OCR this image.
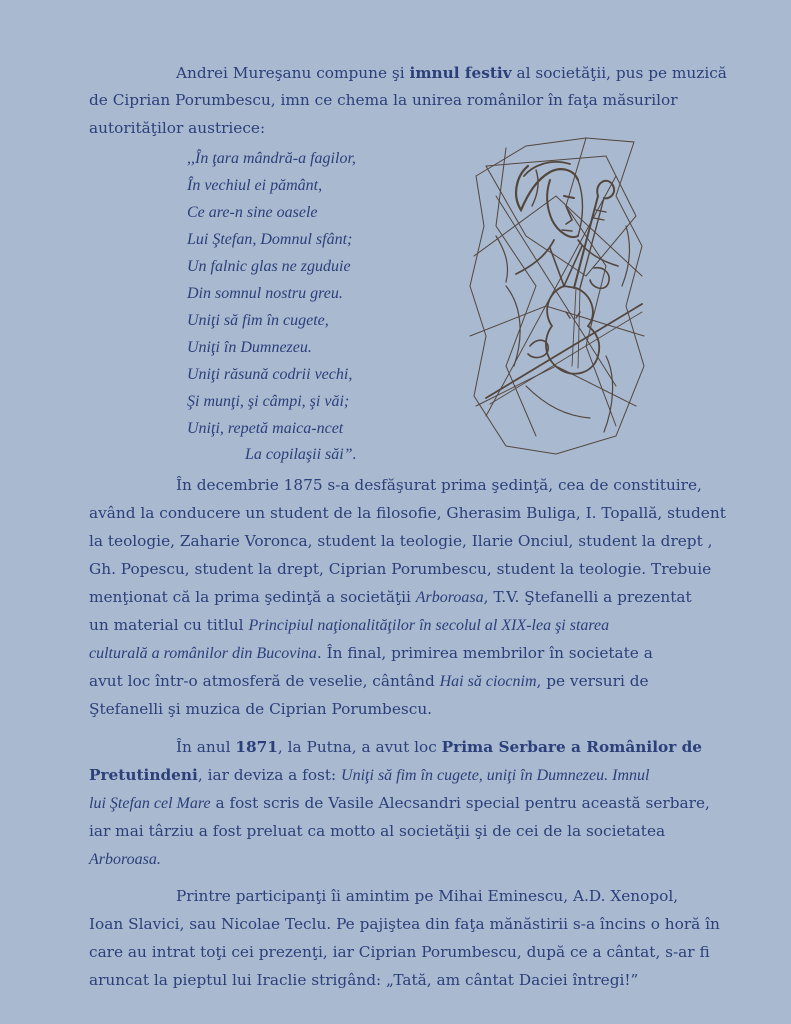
Andrei Mureşanu compune şi imnul festiv al societăţii, pus pe muzică
de Ciprian Porumbescu, imn ce chema la unirea românilor în faţa măsurilor
autorităţilor austriece:
,,În ţara mândră-a fagilor,
În vechiul ei pământ,
Ce are-n sine oasele
Lui Ştefan, Domnul sfânt;
Un falnic glas ne zguduie
Din somnul nostru greu.
Uniţi să fim în cugete,
Uniţi în Dumnezeu.
Uniţi răsună codrii vechi,
Şi munţi, şi câmpi, şi văi;
Uniţi, repetă maica-ncet
La copilaşii săi”.
În decembrie 1875 s-a desfăşurat prima şedinţă, cea de constituire,
având la conducere un student de la filosofie, Gherasim Buliga, I. Topallă, student
la teologie, Zaharie Voronca, student la teologie, Ilarie Onciul, student la drept ,
Gh. Popescu, student la drept, Ciprian Porumbescu, student la teologie. Trebuie
menţionat că la prima şedinţă a societăţii Arboroasa, T.V. Ştefanelli a prezentat
un material cu titlul Principiul naţionalităţilor în secolul al XIX-lea şi starea
culturală a românilor din Bucovina. În final, primirea membrilor în societate a
avut loc într-o atmosferă de veselie, cântând Hai să ciocnim, pe versuri de
Ştefanelli şi muzica de Ciprian Porumbescu.
În anul 1871, la Putna, a avut loc Prima Serbare a Românilor de
Pretutindeni, iar deviza a fost: Uniţi să fim în cugete, uniţi în Dumnezeu. Imnul
lui Ştefan cel Mare a fost scris de Vasile Alecsandri special pentru această serbare,
iar mai târziu a fost preluat ca motto al societăţii şi de cei de la societatea
Arboroasa.
Printre participanţi îi amintim pe Mihai Eminescu, A.D. Xenopol,
Ioan Slavici, sau Nicolae Teclu. Pe pajiştea din faţa mănăstirii s-a încins o horă în
care au intrat toţi cei prezenţi, iar Ciprian Porumbescu, după ce a cântat, s-ar fi
aruncat la pieptul lui Iraclie strigând: „Tată, am cântat Daciei întregi!”
